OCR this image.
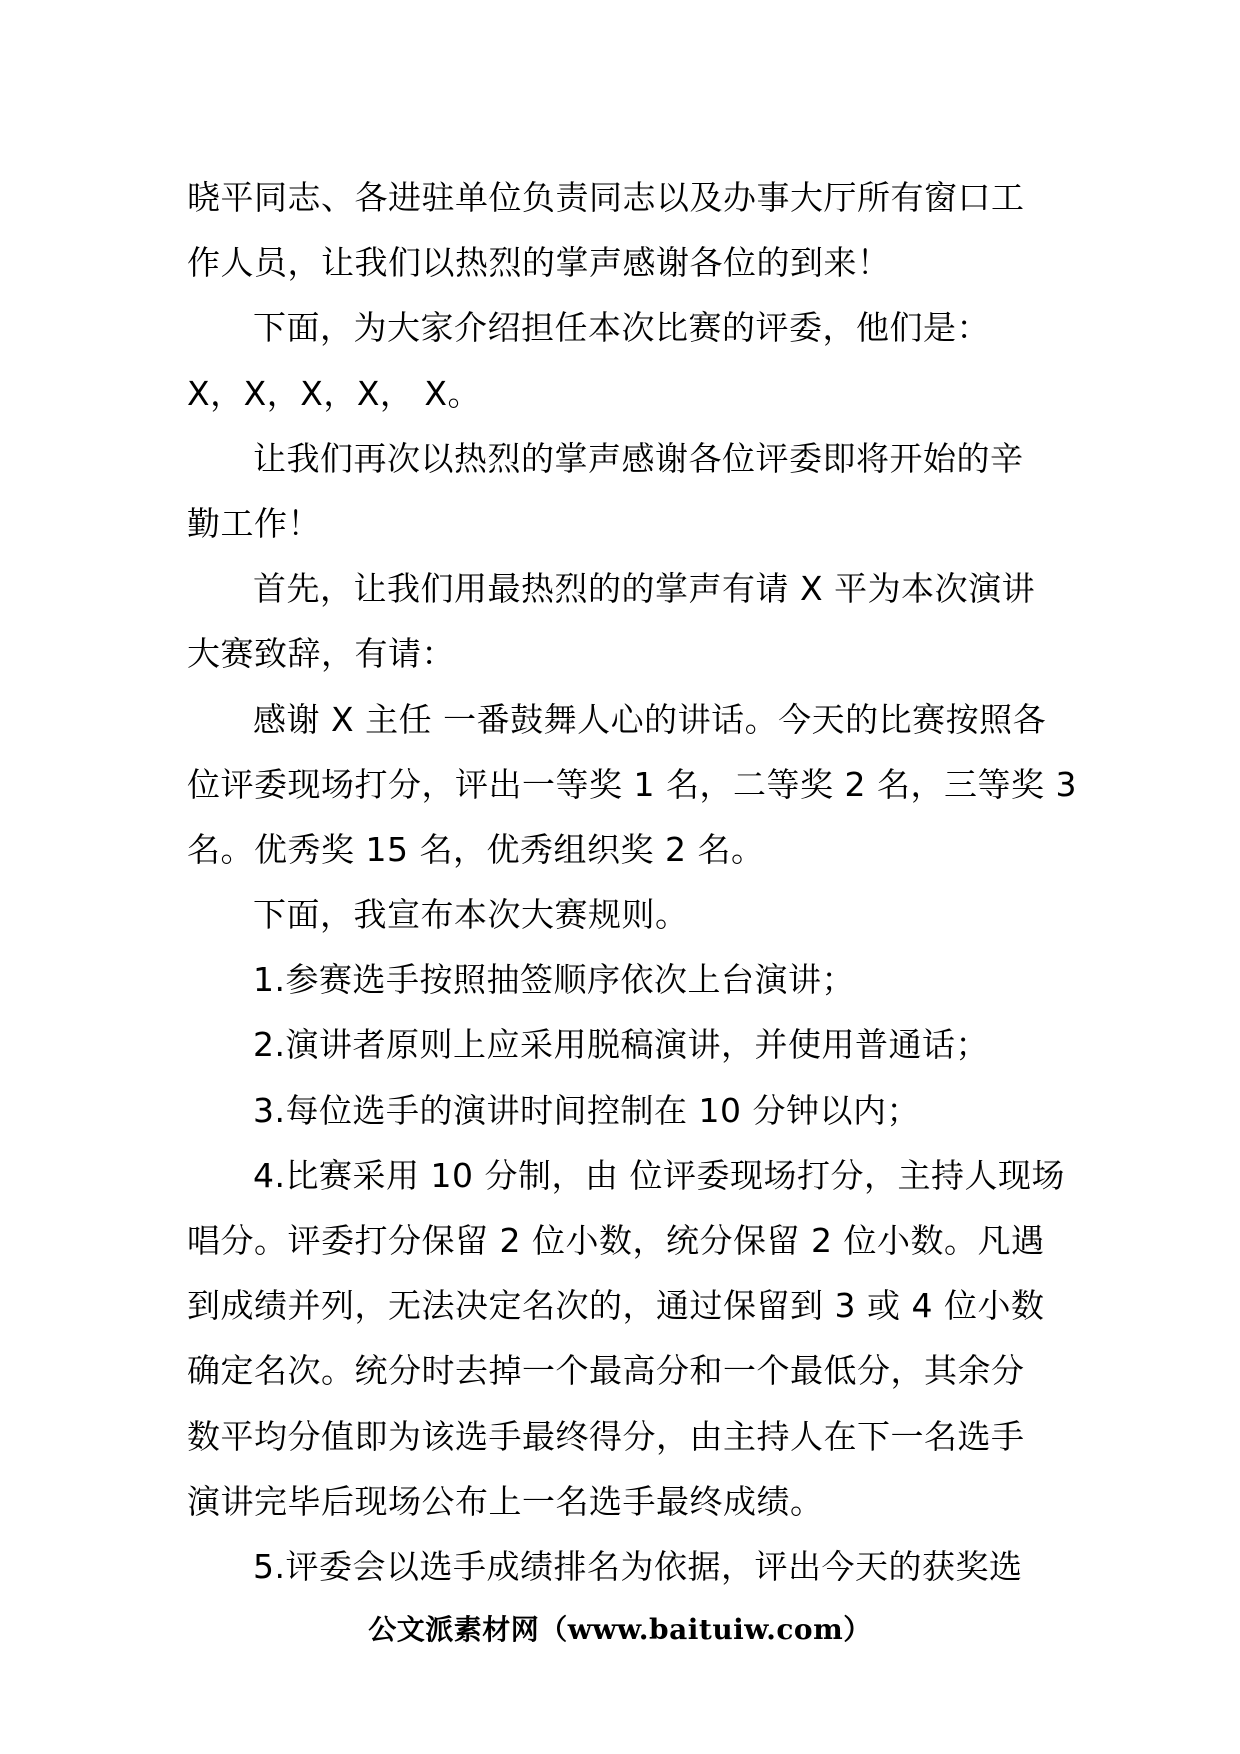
晓平同志、各进驻单位负责同志以及办事大厅所有窗口工
作人员，让我们以热烈的掌声感谢各位的到来！
下面，为大家介绍担任本次比赛的评委，他们是：
X，X，X，X， X。
让我们再次以热烈的掌声感谢各位评委即将开始的辛
勤工作！
首先，让我们用最热烈的的掌声有请 X 平为本次演讲
大赛致辞，有请：
感谢 X 主任 一番鼓舞人心的讲话。今天的比赛按照各
位评委现场打分，评出一等奖 1 名，二等奖 2 名，三等奖 3
名。优秀奖 15 名，优秀组织奖 2 名。
下面，我宣布本次大赛规则。
1.参赛选手按照抽签顺序依次上台演讲；
2.演讲者原则上应采用脱稿演讲，并使用普通话；
3.每位选手的演讲时间控制在 10 分钟以内；
4.比赛采用 10 分制，由 位评委现场打分，主持人现场
唱分。评委打分保留 2 位小数，统分保留 2 位小数。凡遇
到成绩并列，无法决定名次的，通过保留到 3 或 4 位小数
确定名次。统分时去掉一个最高分和一个最低分，其余分
数平均分值即为该选手最终得分，由主持人在下一名选手
演讲完毕后现场公布上一名选手最终成绩。
5.评委会以选手成绩排名为依据，评出今天的获奖选
公文派素材网（www.baituiw.com）
